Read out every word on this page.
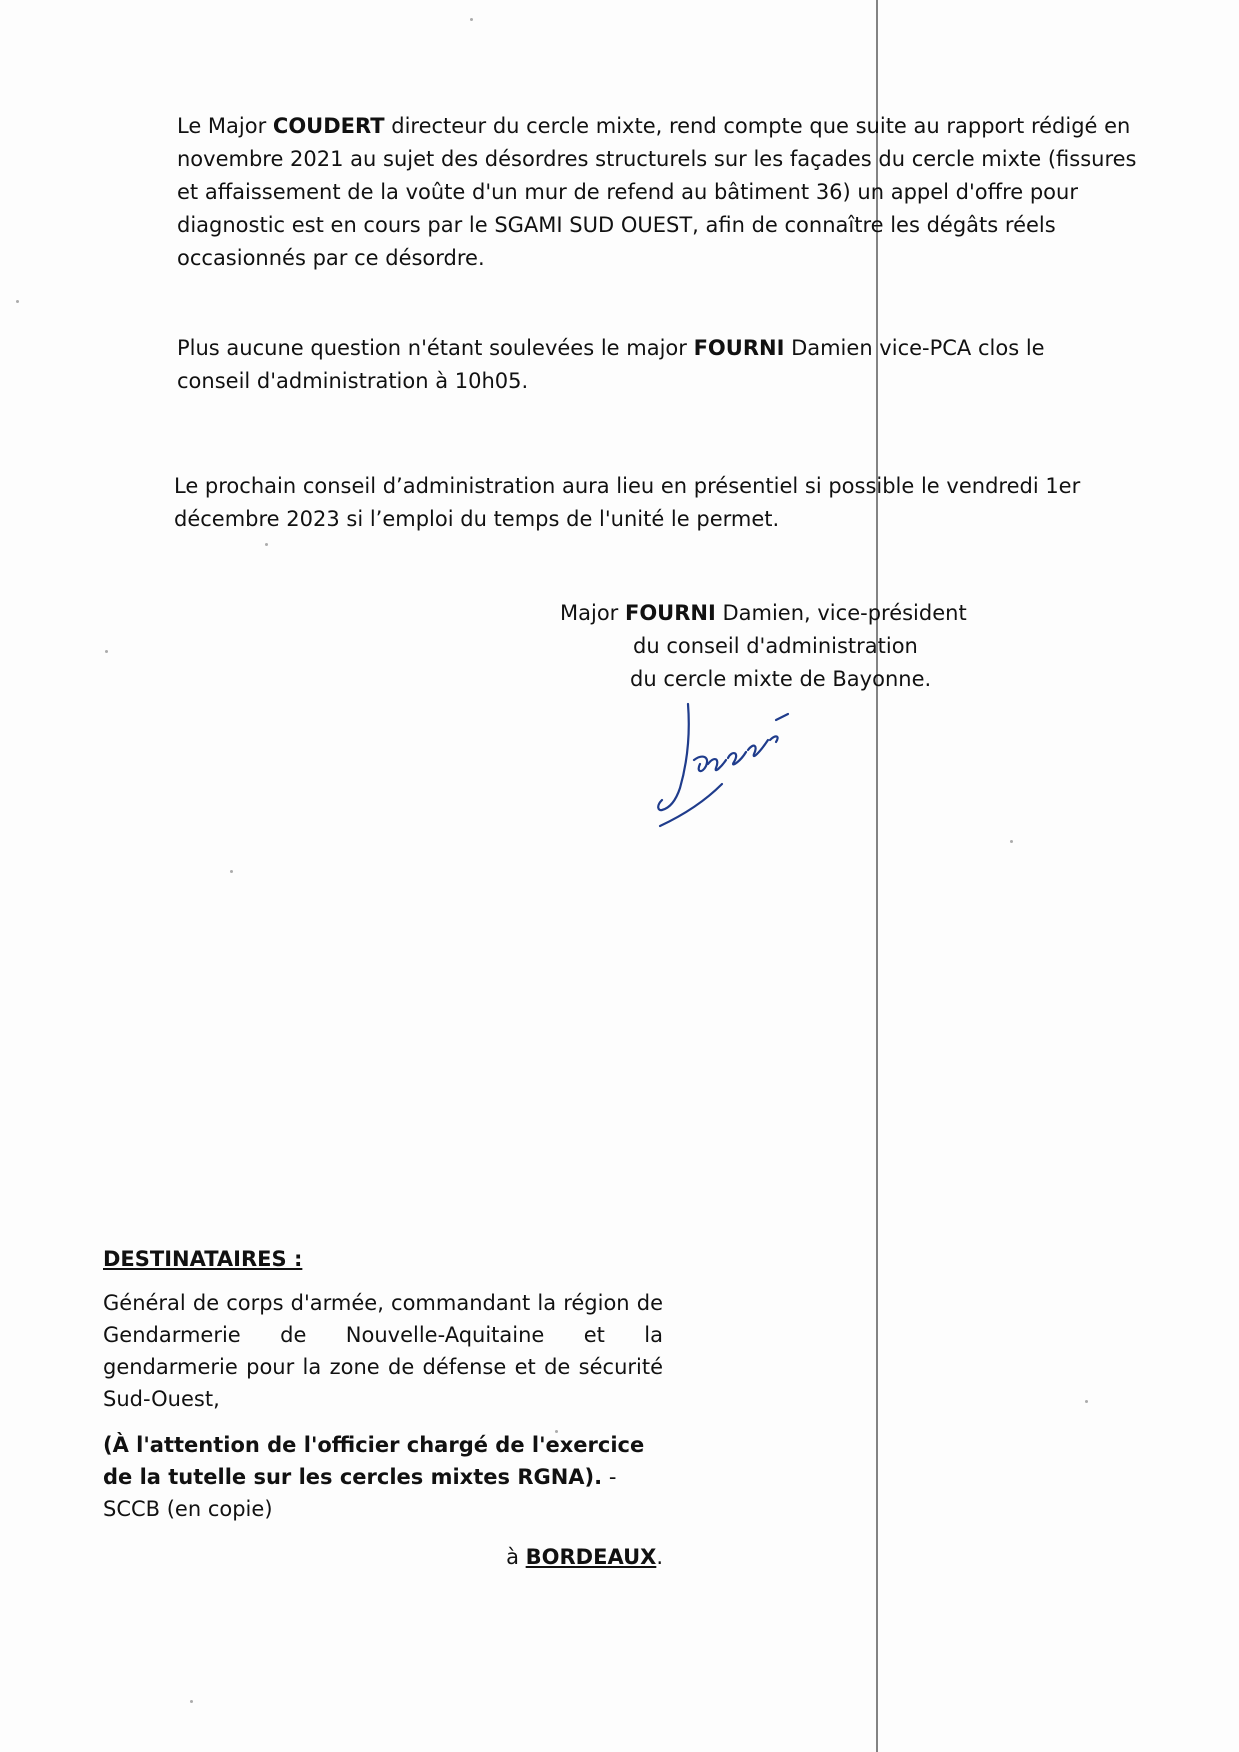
Le Major COUDERT directeur du cercle mixte, rend compte que suite au rapport rédigé en novembre 2021 au sujet des désordres structurels sur les façades du cercle mixte (fissures et affaissement de la voûte d'un mur de refend au bâtiment 36) un appel d'offre pour diagnostic est en cours par le SGAMI SUD OUEST, afin de connaître les dégâts réels occasionnés par ce désordre.

Plus aucune question n'étant soulevées le major FOURNI Damien vice-PCA clos le conseil d'administration à 10h05.

Le prochain conseil d’administration aura lieu en présentiel si possible le vendredi 1er décembre 2023 si l’emploi du temps de l'unité le permet.

Major FOURNI Damien, vice-président
du conseil d'administration
du cercle mixte de Bayonne.
DESTINATAIRES :
Général de corps d'armée, commandant la région de Gendarmerie de Nouvelle-Aquitaine et la gendarmerie pour la zone de défense et de sécurité Sud-Ouest,
(À l'attention de l'officier chargé de l'exercice de la tutelle sur les cercles mixtes RGNA). - SCCB (en copie)
à BORDEAUX.
